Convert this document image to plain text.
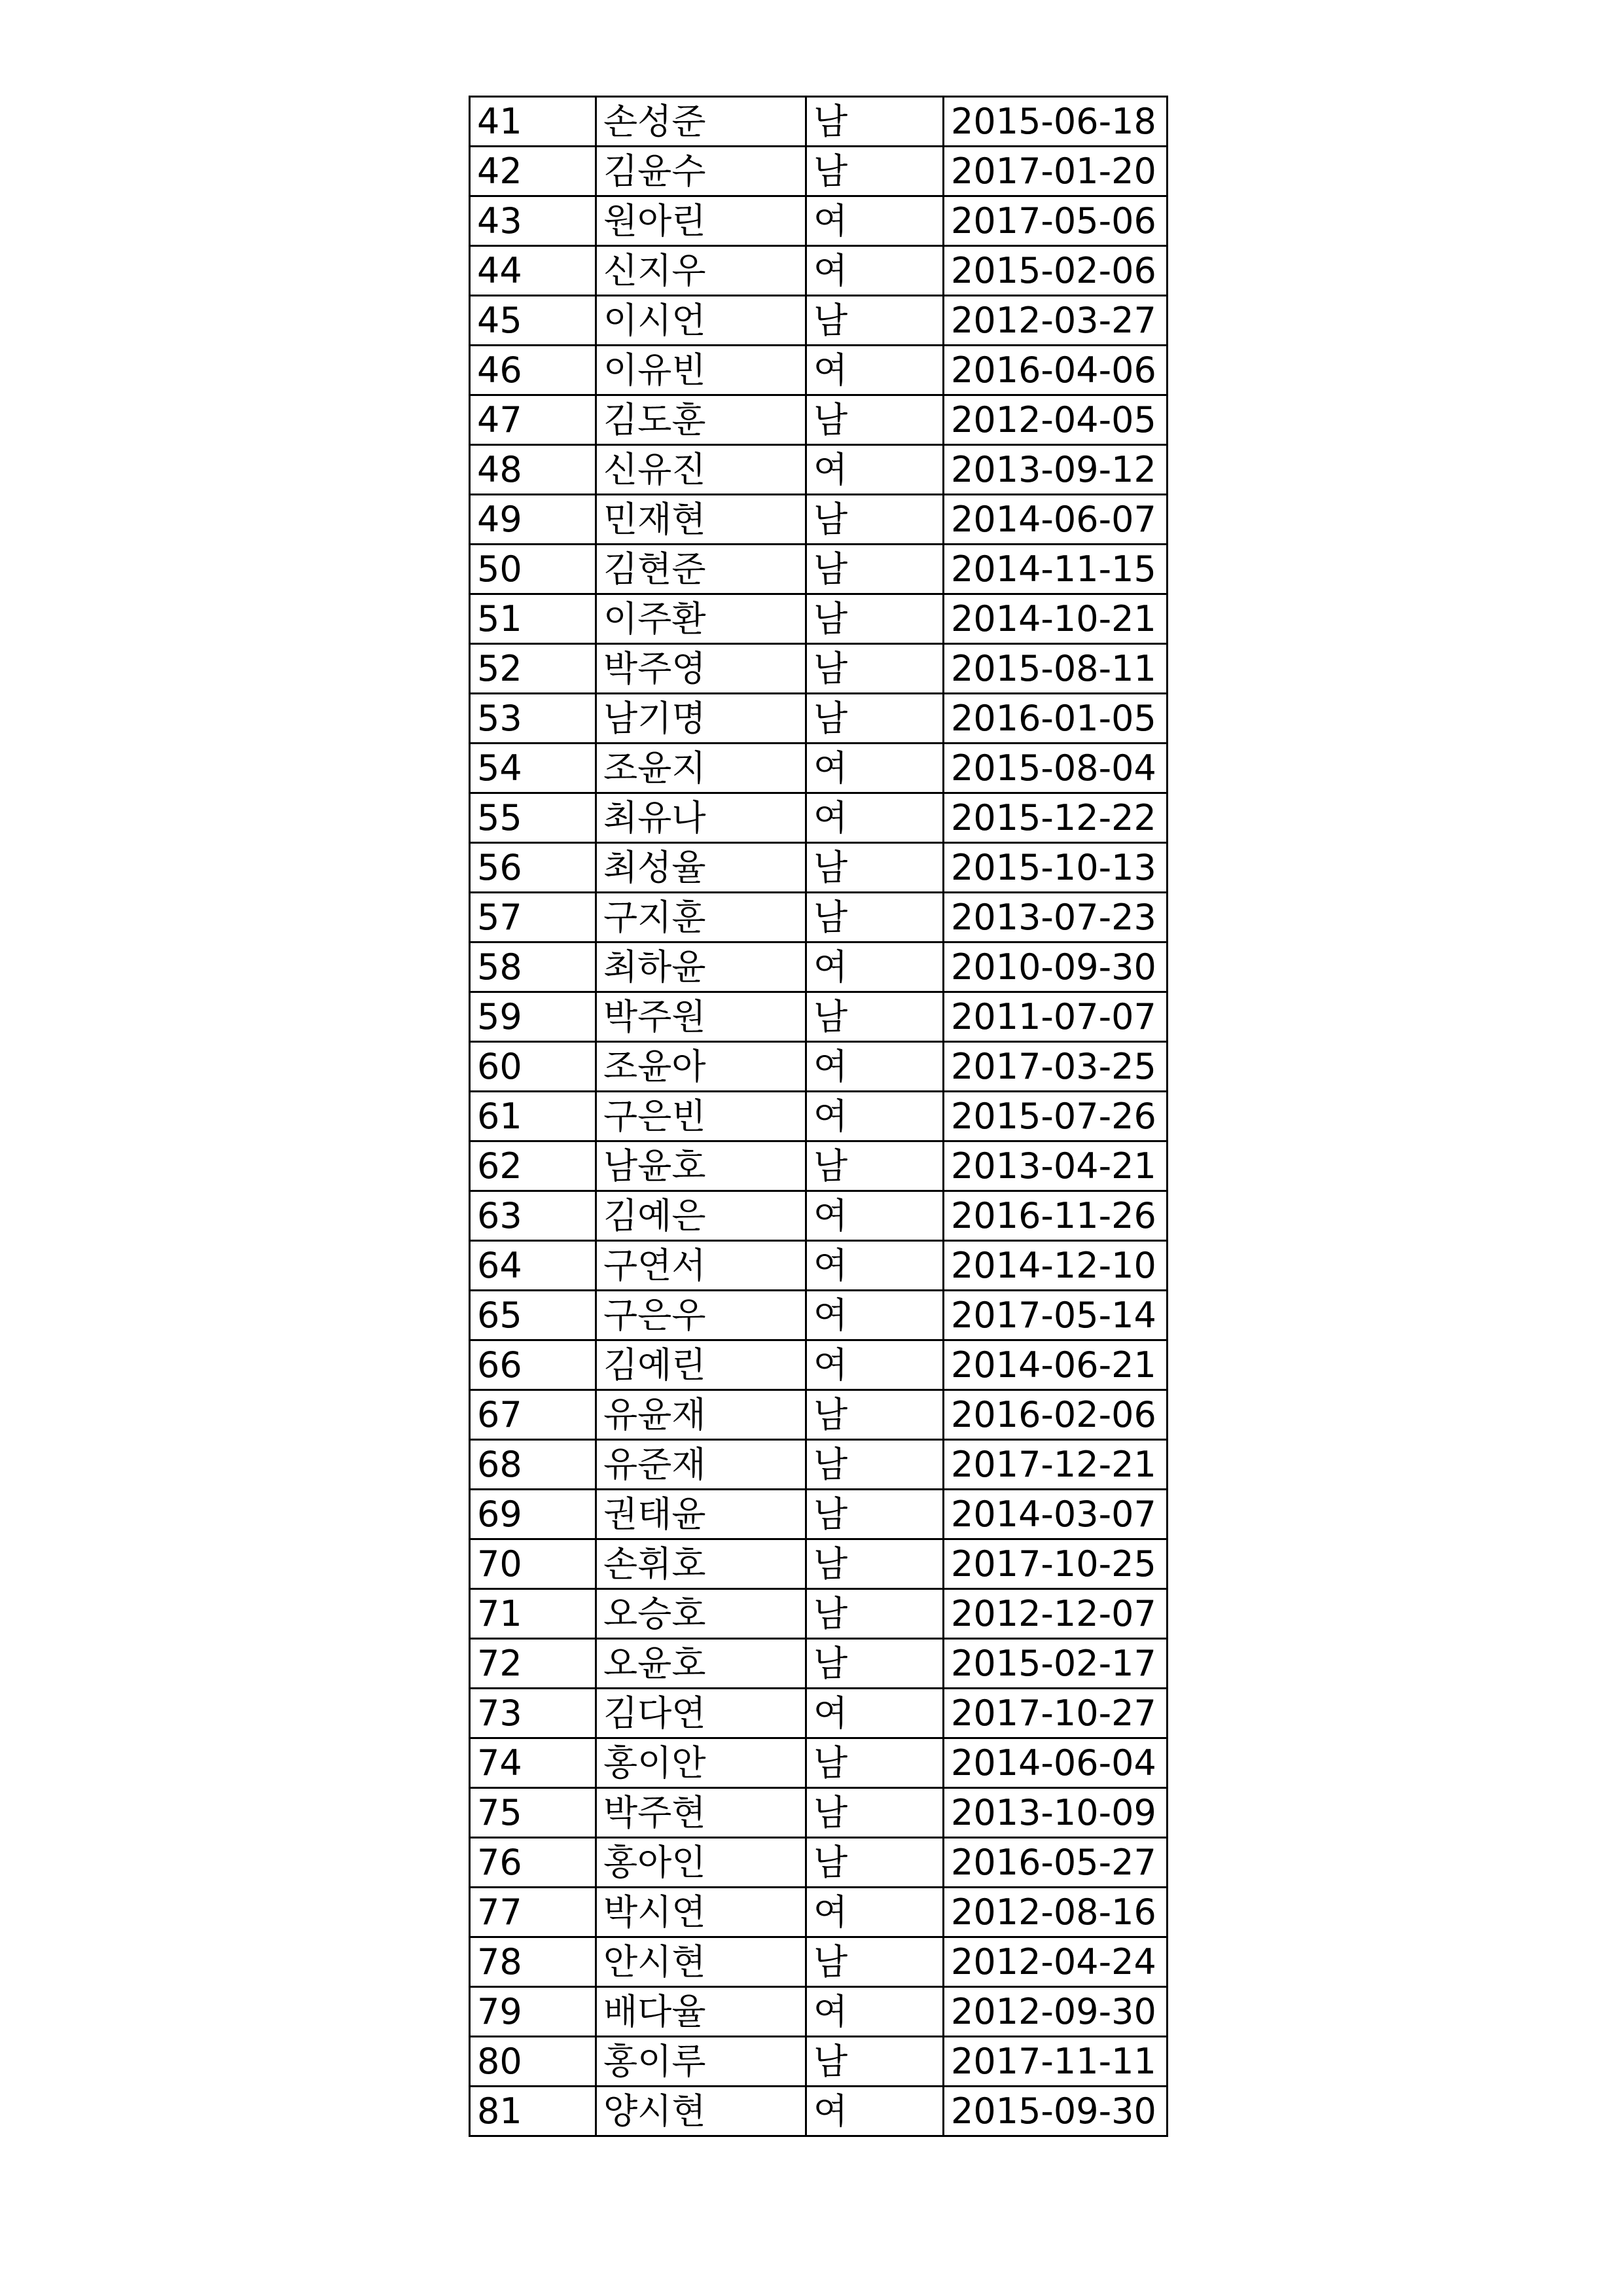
41	손성준	남	2015-06-18
42	김윤수	남	2017-01-20
43	원아린	여	2017-05-06
44	신지우	여	2015-02-06
45	이시언	남	2012-03-27
46	이유빈	여	2016-04-06
47	김도훈	남	2012-04-05
48	신유진	여	2013-09-12
49	민재현	남	2014-06-07
50	김현준	남	2014-11-15
51	이주환	남	2014-10-21
52	박주영	남	2015-08-11
53	남기명	남	2016-01-05
54	조윤지	여	2015-08-04
55	최유나	여	2015-12-22
56	최성율	남	2015-10-13
57	구지훈	남	2013-07-23
58	최하윤	여	2010-09-30
59	박주원	남	2011-07-07
60	조윤아	여	2017-03-25
61	구은빈	여	2015-07-26
62	남윤호	남	2013-04-21
63	김예은	여	2016-11-26
64	구연서	여	2014-12-10
65	구은우	여	2017-05-14
66	김예린	여	2014-06-21
67	유윤재	남	2016-02-06
68	유준재	남	2017-12-21
69	권태윤	남	2014-03-07
70	손휘호	남	2017-10-25
71	오승호	남	2012-12-07
72	오윤호	남	2015-02-17
73	김다연	여	2017-10-27
74	홍이안	남	2014-06-04
75	박주현	남	2013-10-09
76	홍아인	남	2016-05-27
77	박시연	여	2012-08-16
78	안시현	남	2012-04-24
79	배다율	여	2012-09-30
80	홍이루	남	2017-11-11
81	양시현	여	2015-09-30
